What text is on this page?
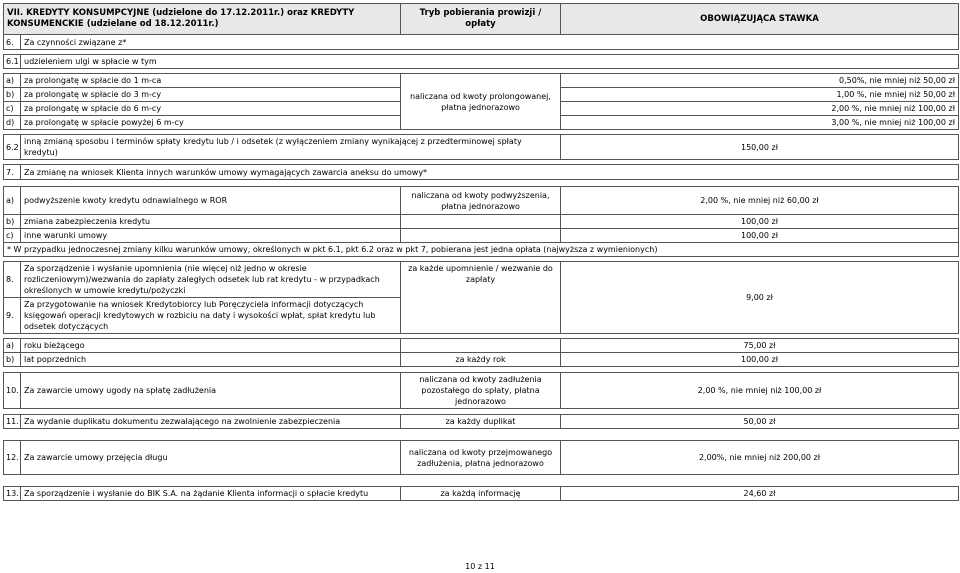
VII. KREDYTY KONSUMPCYJNE (udzielone do 17.12.2011r.) oraz KREDYTY KONSUMENCKIE (udzielane od 18.12.2011r.)		Tryb pobierania prowizji / opłaty	OBOWIĄZUJĄCA STAWKA
6.	Za czynności związane z*		

6.1	udzieleniem ulgi w spłacie w tym		

a)	za prolongatę w spłacie do 1 m-ca	naliczana od kwoty prolongowanej, płatna jednorazowo	0,50%, nie mniej niż 50,00 zł
b)	za prolongatę w spłacie do 3 m-cy		1,00 %, nie mniej niż 50,00 zł
c)	za prolongatę w spłacie do 6 m-cy		2,00 %, nie mniej niż 100,00 zł
d)	za prolongatę w spłacie powyżej 6 m-cy		3,00 %, nie mniej niż 100,00 zł

6.2	inną zmianą sposobu i terminów spłaty kredytu lub / i odsetek (z wyłączeniem zmiany wynikającej z przedterminowej spłaty kredytu)		150,00 zł

7.	Za zmianę na wniosek Klienta innych warunków umowy wymagających zawarcia aneksu do umowy*		

a)	podwyższenie kwoty kredytu odnawialnego w ROR	naliczana od kwoty podwyższenia, płatna jednorazowo	2,00 %, nie mniej niż 60,00 zł
b)	zmiana zabezpieczenia kredytu		100,00 zł
c)	inne warunki umowy		100,00 zł
* W przypadku jednoczesnej zmiany kilku warunków umowy, określonych w pkt 6.1, pkt 6.2 oraz w pkt 7, pobierana jest jedna opłata (najwyższa z wymienionych)			

8.	Za sporządzenie i wysłanie upomnienia (nie więcej niż jedno w okresie rozliczeniowym)/wezwania do zapłaty zaległych odsetek lub rat kredytu - w przypadkach określonych w umowie kredytu/pożyczki	za każde upomnienie / wezwanie do zapłaty	9,00 zł
9.	Za przygotowanie na wniosek Kredytobiorcy lub Poręczyciela informacji dotyczących księgowań operacji kredytowych w rozbiciu na daty i wysokości wpłat, spłat kredytu lub odsetek dotyczących		

a)	roku bieżącego		75,00 zł
b)	lat poprzednich	za każdy rok	100,00 zł

10.	Za zawarcie umowy ugody na spłatę zadłużenia	naliczana od kwoty zadłużenia pozostałego do spłaty, płatna jednorazowo	2,00 %, nie mniej niż 100,00 zł

11.	Za wydanie duplikatu dokumentu zezwalającego na zwolnienie zabezpieczenia	za każdy duplikat	50,00 zł

12.	Za zawarcie umowy przejęcia długu	naliczana od kwoty przejmowanego zadłużenia, płatna jednorazowo	2,00%, nie mniej niż 200,00 zł

13.	Za sporządzenie i wysłanie do BIK S.A. na żądanie Klienta informacji o spłacie kredytu	za każdą informację	24,60 zł
10 z 11
